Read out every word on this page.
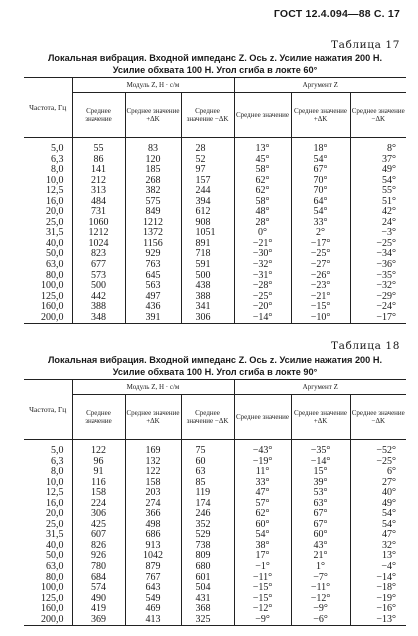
ГОСТ 12.4.094—88 С. 17
Таблица 17
Локальная вибрация. Входной импеданс Z. Ось z. Усилие нажатия 200 Н.
Усилие обхвата 100 Н. Угол сгиба в локте 60°
Частота, Гц	Модуль Z, Н · с/м			Аргумент Z		
	Среднее значение	Среднее значение +ΔK	Среднее значение −ΔK	Среднее значение	Среднее значение +ΔK	Среднее значение −ΔK
5,0	55	83	28	13°	18°	8°
6,3	86	120	52	45°	54°	37°
8,0	141	185	97	58°	67°	49°
10,0	212	268	157	62°	70°	54°
12,5	313	382	244	62°	70°	55°
16,0	484	575	394	58°	64°	51°
20,0	731	849	612	48°	54°	42°
25,0	1060	1212	908	28°	33°	24°
31,5	1212	1372	1051	0°	2°	−3°
40,0	1024	1156	891	−21°	−17°	−25°
50,0	823	929	718	−30°	−25°	−34°
63,0	677	763	591	−32°	−27°	−36°
80,0	573	645	500	−31°	−26°	−35°
100,0	500	563	438	−28°	−23°	−32°
125,0	442	497	388	−25°	−21°	−29°
160,0	388	436	341	−20°	−15°	−24°
200,0	348	391	306	−14°	−10°	−17°
Таблица 18
Локальная вибрация. Входной импеданс Z. Ось z. Усилие нажатия 200 Н.
Усилие обхвата 100 Н. Угол сгиба в локте 90°
Частота, Гц	Модуль Z, Н · с/м			Аргумент Z		
	Среднее значение	Среднее значение +ΔK	Среднее значение −ΔK	Среднее значение	Среднее значение +ΔK	Среднее значение −ΔK
5,0	122	169	75	−43°	−35°	−52°
6,3	96	132	60	−19°	−14°	−25°
8,0	91	122	63	11°	15°	6°
10,0	116	158	85	33°	39°	27°
12,5	158	203	119	47°	53°	40°
16,0	224	274	174	57°	63°	49°
20,0	306	366	246	62°	67°	54°
25,0	425	498	352	60°	67°	54°
31,5	607	686	529	54°	60°	47°
40,0	826	913	738	38°	43°	32°
50,0	926	1042	809	17°	21°	13°
63,0	780	879	680	−1°	1°	−4°
80,0	684	767	601	−11°	−7°	−14°
100,0	574	643	504	−15°	−11°	−18°
125,0	490	549	431	−15°	−12°	−19°
160,0	419	469	368	−12°	−9°	−16°
200,0	369	413	325	−9°	−6°	−13°
